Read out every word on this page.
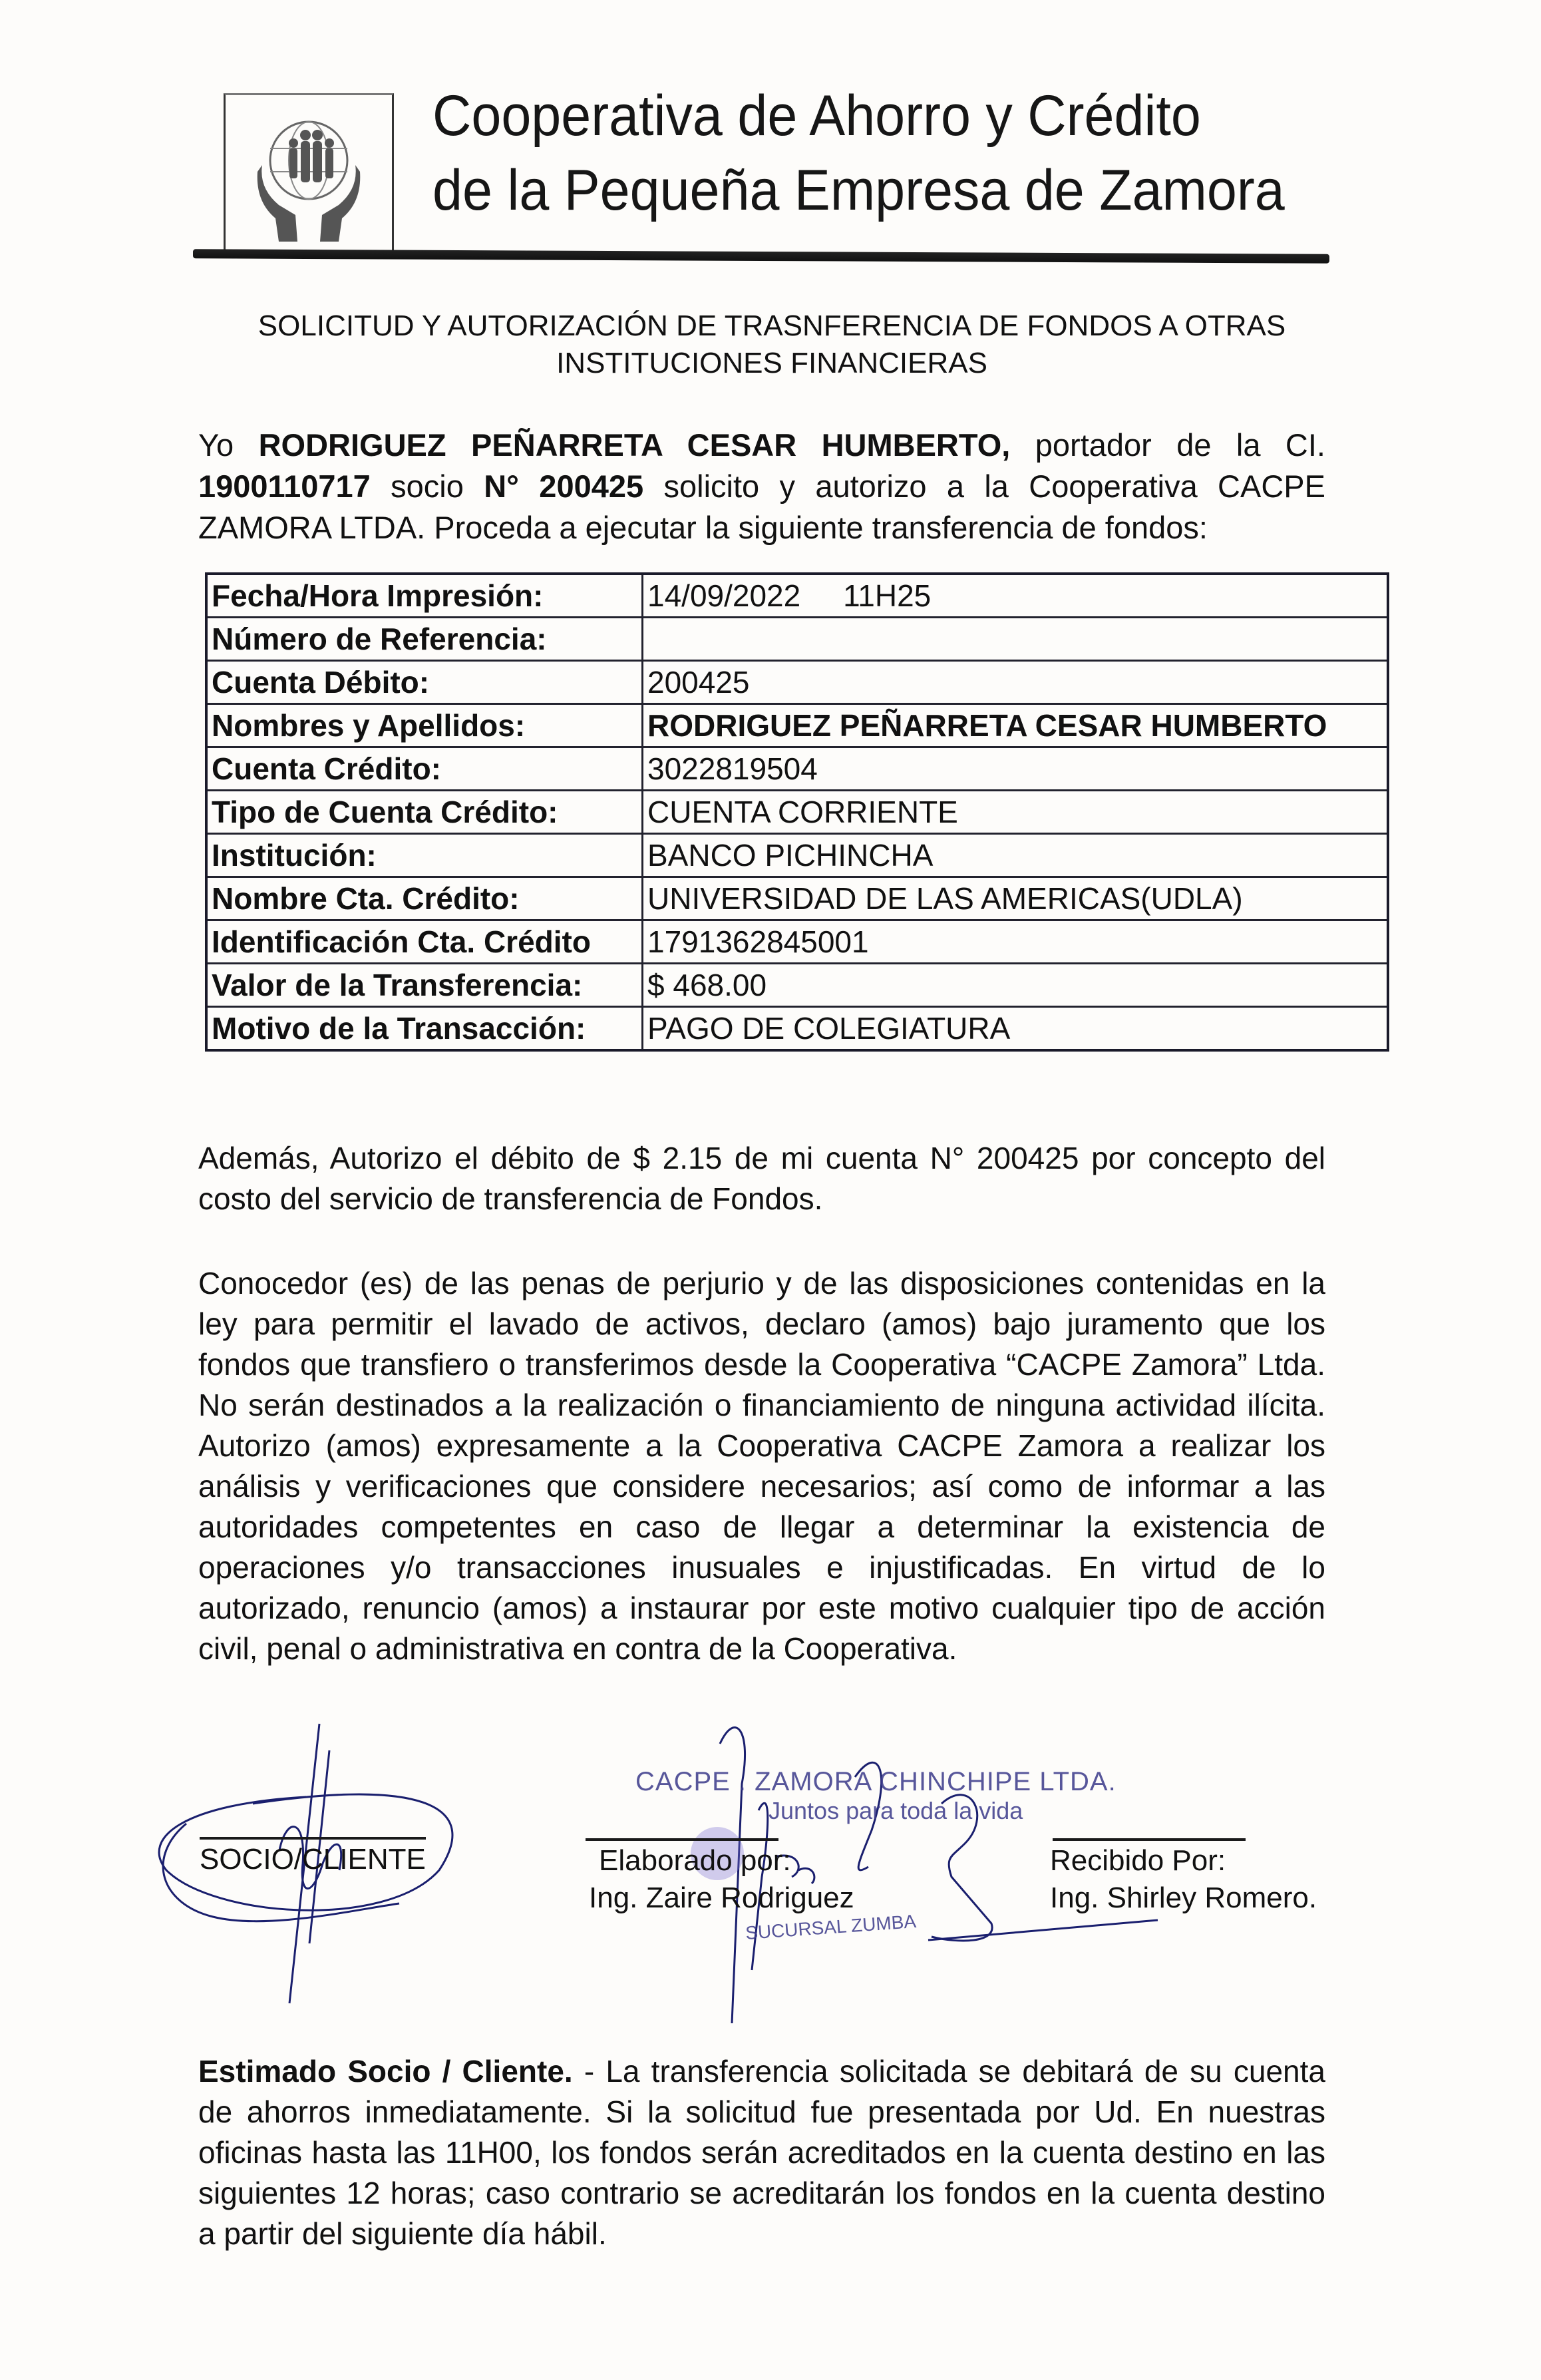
Cooperativa de Ahorro y Crédito
de la Pequeña Empresa de Zamora
SOLICITUD Y AUTORIZACIÓN DE TRASNFERENCIA DE FONDOS A OTRAS
INSTITUCIONES FINANCIERAS
Yo RODRIGUEZ PEÑARRETA CESAR HUMBERTO, portador de la CI. 1900110717 socio N° 200425 solicito y autorizo a la Cooperativa CACPE ZAMORA LTDA. Proceda a ejecutar la siguiente transferencia de fondos:
Fecha/Hora Impresión:	14/09/2022     11H25
Número de Referencia:	
Cuenta Débito:	200425
Nombres y Apellidos:	RODRIGUEZ PEÑARRETA CESAR HUMBERTO
Cuenta Crédito:	3022819504
Tipo de Cuenta Crédito:	CUENTA CORRIENTE
Institución:	BANCO PICHINCHA
Nombre Cta. Crédito:	UNIVERSIDAD DE LAS AMERICAS(UDLA)
Identificación Cta. Crédito	1791362845001
Valor de la Transferencia:	$ 468.00
Motivo de la Transacción:	PAGO DE COLEGIATURA
Además, Autorizo el débito de $ 2.15 de mi cuenta N° 200425 por concepto del costo del servicio de transferencia de Fondos.
Conocedor (es) de las penas de perjurio y de las disposiciones contenidas en la ley para permitir el lavado de activos, declaro (amos) bajo juramento que los fondos que transfiero o transferimos desde la Cooperativa “CACPE Zamora” Ltda. No serán destinados a la realización o financiamiento de ninguna actividad ilícita. Autorizo (amos) expresamente a la Cooperativa CACPE Zamora a realizar los análisis y verificaciones que considere necesarios; así como de informar a las autoridades competentes en caso de llegar a determinar la existencia de operaciones y/o transacciones inusuales e injustificadas. En virtud de lo autorizado, renuncio (amos) a instaurar por este motivo cualquier tipo de acción civil, penal o administrativa en contra de la Cooperativa.
SOCIO/CLIENTE
CACPE . ZAMORA CHINCHIPE LTDA.
Juntos para toda la vida
SUCURSAL ZUMBA
Elaborado por:
Ing. Zaire Rodriguez
Recibido Por:
Ing. Shirley Romero.
Estimado Socio / Cliente. - La transferencia solicitada se debitará de su cuenta de ahorros inmediatamente. Si la solicitud fue presentada por Ud. En nuestras oficinas hasta las 11H00, los fondos serán acreditados en la cuenta destino en las siguientes 12 horas; caso contrario se acreditarán los fondos en la cuenta destino a partir del siguiente día hábil.
